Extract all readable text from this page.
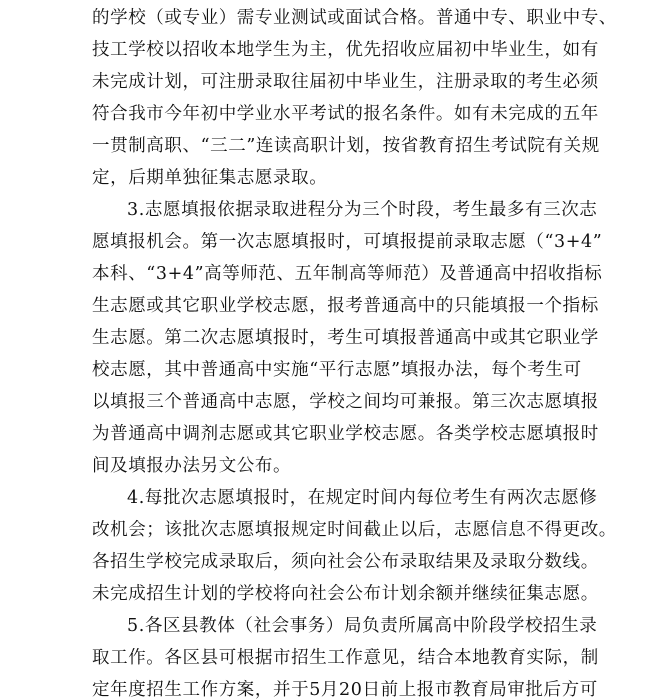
的学校（或专业）需专业测试或面试合格。普通中专、职业中专、
技工学校以招收本地学生为主，优先招收应届初中毕业生，如有
未完成计划，可注册录取往届初中毕业生，注册录取的考生必须
符合我市今年初中学业水平考试的报名条件。如有未完成的五年
一贯制高职、“三二”连读高职计划，按省教育招生考试院有关规
定，后期单独征集志愿录取。
3.志愿填报依据录取进程分为三个时段，考生最多有三次志
愿填报机会。第一次志愿填报时，可填报提前录取志愿（“3+4”
本科、“3+4”高等师范、五年制高等师范）及普通高中招收指标
生志愿或其它职业学校志愿，报考普通高中的只能填报一个指标
生志愿。第二次志愿填报时，考生可填报普通高中或其它职业学
校志愿，其中普通高中实施“平行志愿”填报办法，每个考生可
以填报三个普通高中志愿，学校之间均可兼报。第三次志愿填报
为普通高中调剂志愿或其它职业学校志愿。各类学校志愿填报时
间及填报办法另文公布。
4.每批次志愿填报时，在规定时间内每位考生有两次志愿修
改机会；该批次志愿填报规定时间截止以后，志愿信息不得更改。
各招生学校完成录取后，须向社会公布录取结果及录取分数线。
未完成招生计划的学校将向社会公布计划余额并继续征集志愿。
5.各区县教体（社会事务）局负责所属高中阶段学校招生录
取工作。各区县可根据市招生工作意见，结合本地教育实际，制
定年度招生工作方案，并于5月20日前上报市教育局审批后方可
